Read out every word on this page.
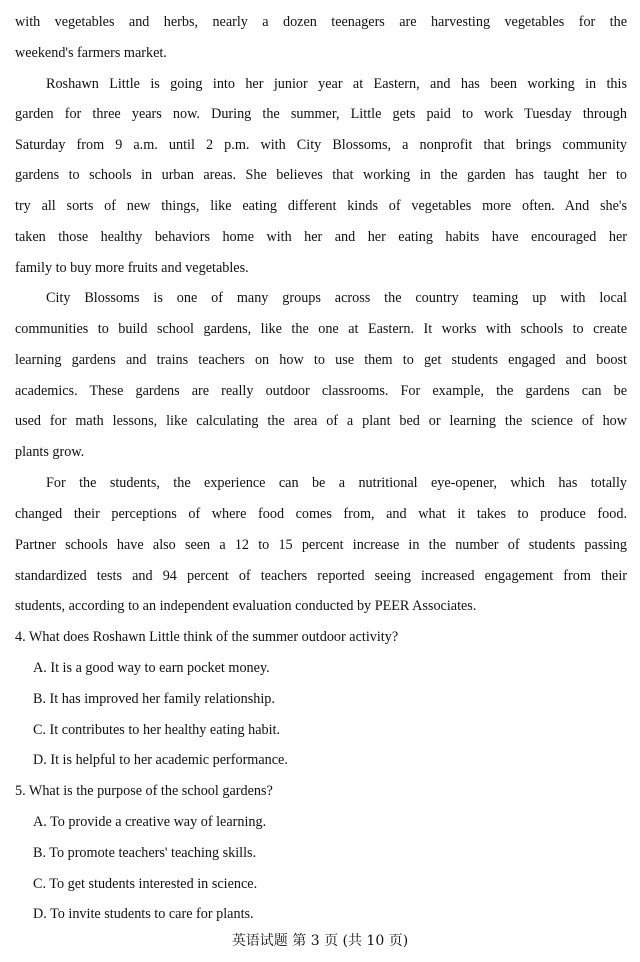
with vegetables and herbs, nearly a dozen teenagers are harvesting vegetables for the
weekend's farmers market.
Roshawn Little is going into her junior year at Eastern, and has been working in this
garden for three years now. During the summer, Little gets paid to work Tuesday through
Saturday from 9 a.m. until 2 p.m. with City Blossoms, a nonprofit that brings community
gardens to schools in urban areas. She believes that working in the garden has taught her to
try all sorts of new things, like eating different kinds of vegetables more often. And she's
taken those healthy behaviors home with her and her eating habits have encouraged her
family to buy more fruits and vegetables.
City Blossoms is one of many groups across the country teaming up with local
communities to build school gardens, like the one at Eastern. It works with schools to create
learning gardens and trains teachers on how to use them to get students engaged and boost
academics. These gardens are really outdoor classrooms. For example, the gardens can be
used for math lessons, like calculating the area of a plant bed or learning the science of how
plants grow.
For the students, the experience can be a nutritional eye-opener, which has totally
changed their perceptions of where food comes from, and what it takes to produce food.
Partner schools have also seen a 12 to 15 percent increase in the number of students passing
standardized tests and 94 percent of teachers reported seeing increased engagement from their
students, according to an independent evaluation conducted by PEER Associates.
4. What does Roshawn Little think of the summer outdoor activity?
A. It is a good way to earn pocket money.
B. It has improved her family relationship.
C. It contributes to her healthy eating habit.
D. It is helpful to her academic performance.
5. What is the purpose of the school gardens?
A. To provide a creative way of learning.
B. To promote teachers' teaching skills.
C. To get students interested in science.
D. To invite students to care for plants.
英语试题 第 3 页 (共 10 页)
